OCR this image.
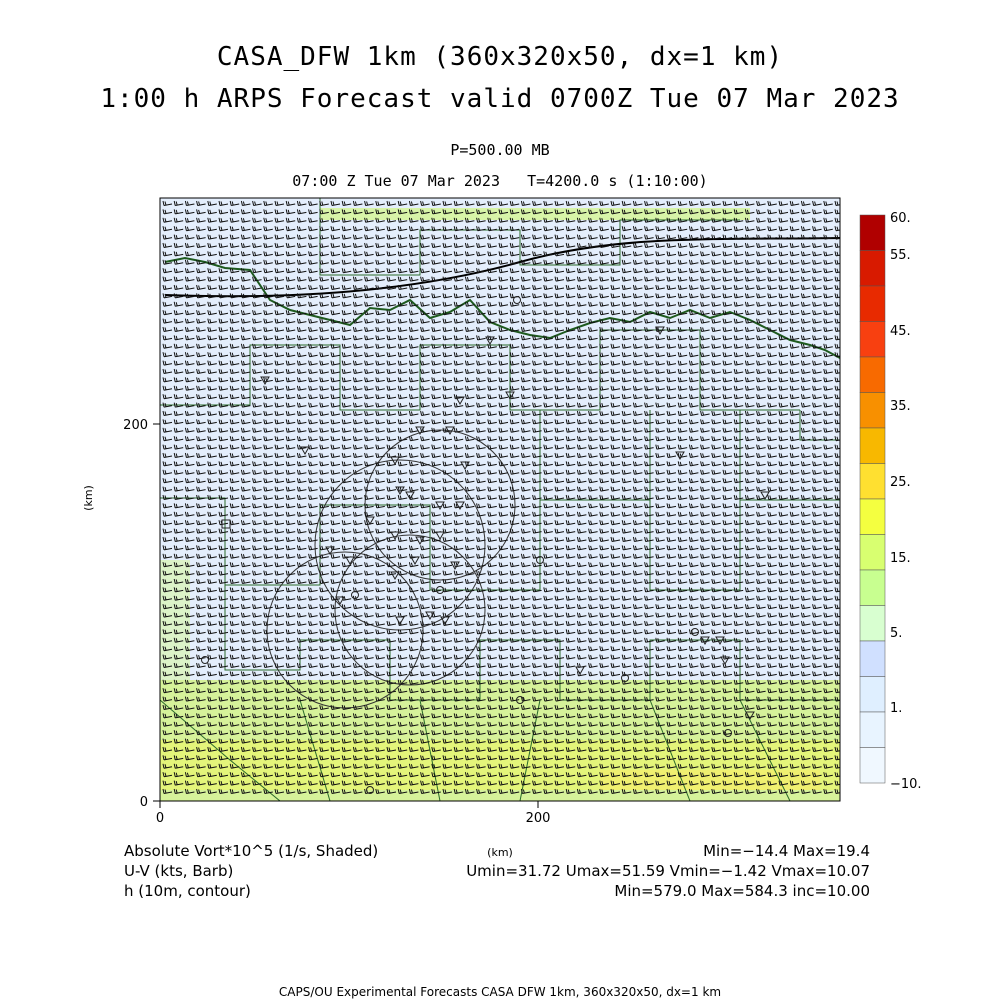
0	200
0
200
(km)
(km)
60.
55.
45.
35.
25.
15.
5.
1.
−10.
Absolute Vort*10^5 (1/s, Shaded)
U-V (kts, Barb)
h (10m, contour)
Min=−14.4 Max=19.4
Umin=31.72 Umax=51.59 Vmin=−1.42 Vmax=10.07
Min=579.0 Max=584.3 inc=10.00
CASA_DFW 1km (360x320x50, dx=1 km)
1:00 h ARPS Forecast valid 0700Z Tue 07 Mar 2023
P=500.00 MB
07:00 Z Tue 07 Mar 2023 T=4200.0 s (1:10:00)
CAPS/OU Experimental Forecasts CASA DFW 1km, 360x320x50, dx=1 km
